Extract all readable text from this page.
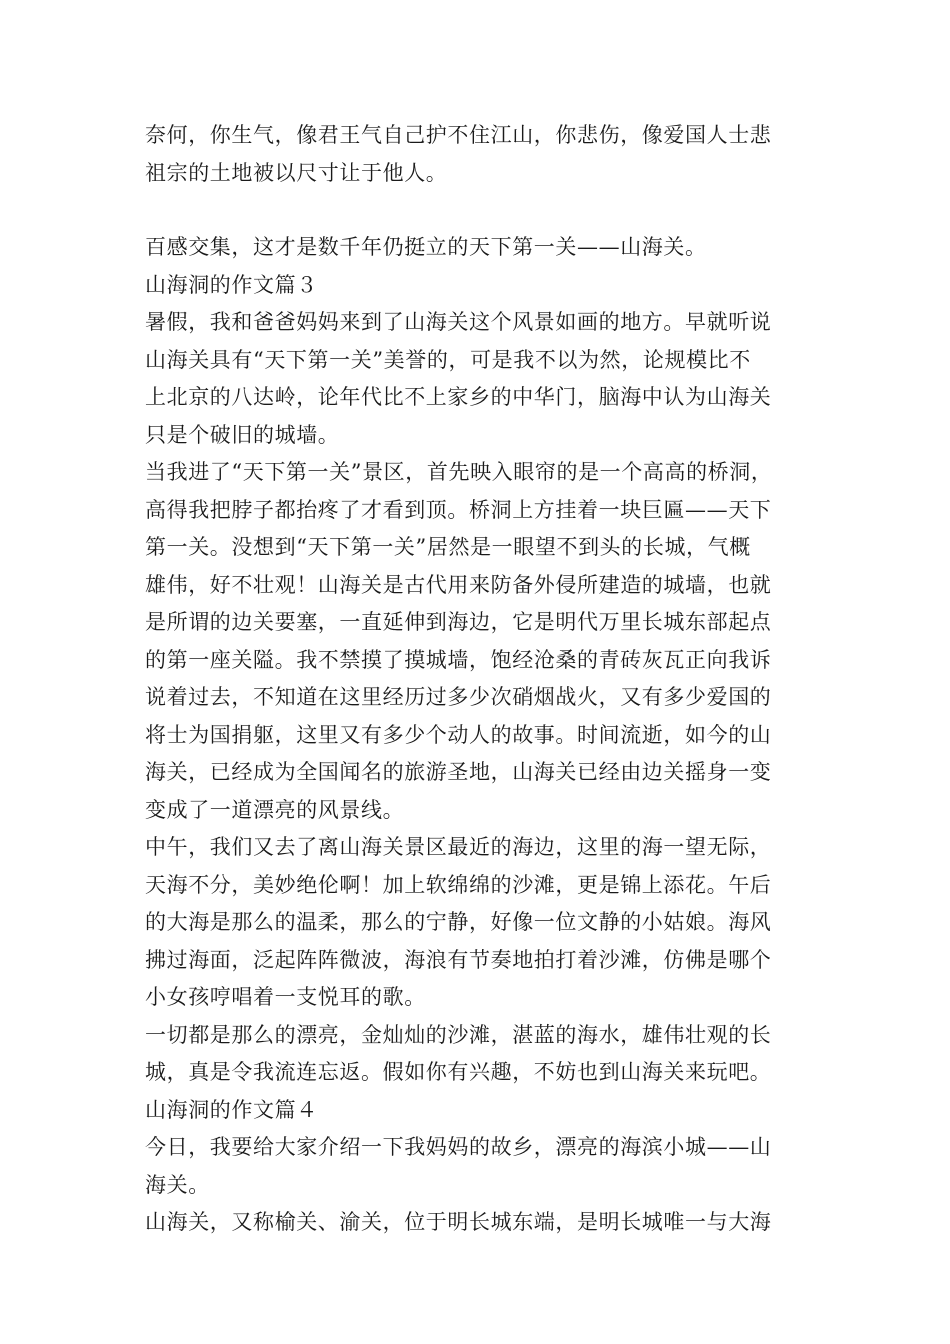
奈何，你生气，像君王气自己护不住江山，你悲伤，像爱国人士悲
祖宗的土地被以尺寸让于他人。

百感交集，这才是数千年仍挺立的天下第一关——山海关。

山海洞的作文篇３

暑假，我和爸爸妈妈来到了山海关这个风景如画的地方。早就听说
山海关具有“天下第一关”美誉的，可是我不以为然，论规模比不
上北京的八达岭，论年代比不上家乡的中华门，脑海中认为山海关
只是个破旧的城墙。

当我进了“天下第一关”景区，首先映入眼帘的是一个高高的桥洞，
高得我把脖子都抬疼了才看到顶。桥洞上方挂着一块巨匾——天下
第一关。没想到“天下第一关”居然是一眼望不到头的长城，气概
雄伟，好不壮观！山海关是古代用来防备外侵所建造的城墙，也就
是所谓的边关要塞，一直延伸到海边，它是明代万里长城东部起点
的第一座关隘。我不禁摸了摸城墙，饱经沧桑的青砖灰瓦正向我诉
说着过去，不知道在这里经历过多少次硝烟战火，又有多少爱国的
将士为国捐躯，这里又有多少个动人的故事。时间流逝，如今的山
海关，已经成为全国闻名的旅游圣地，山海关已经由边关摇身一变
变成了一道漂亮的风景线。

中午，我们又去了离山海关景区最近的海边，这里的海一望无际，
天海不分，美妙绝伦啊！加上软绵绵的沙滩，更是锦上添花。午后
的大海是那么的温柔，那么的宁静，好像一位文静的小姑娘。海风
拂过海面，泛起阵阵微波，海浪有节奏地拍打着沙滩，仿佛是哪个
小女孩哼唱着一支悦耳的歌。

一切都是那么的漂亮，金灿灿的沙滩，湛蓝的海水，雄伟壮观的长
城，真是令我流连忘返。假如你有兴趣，不妨也到山海关来玩吧。

山海洞的作文篇４

今日，我要给大家介绍一下我妈妈的故乡，漂亮的海滨小城——山
海关。

山海关，又称榆关、渝关，位于明长城东端，是明长城唯一与大海
